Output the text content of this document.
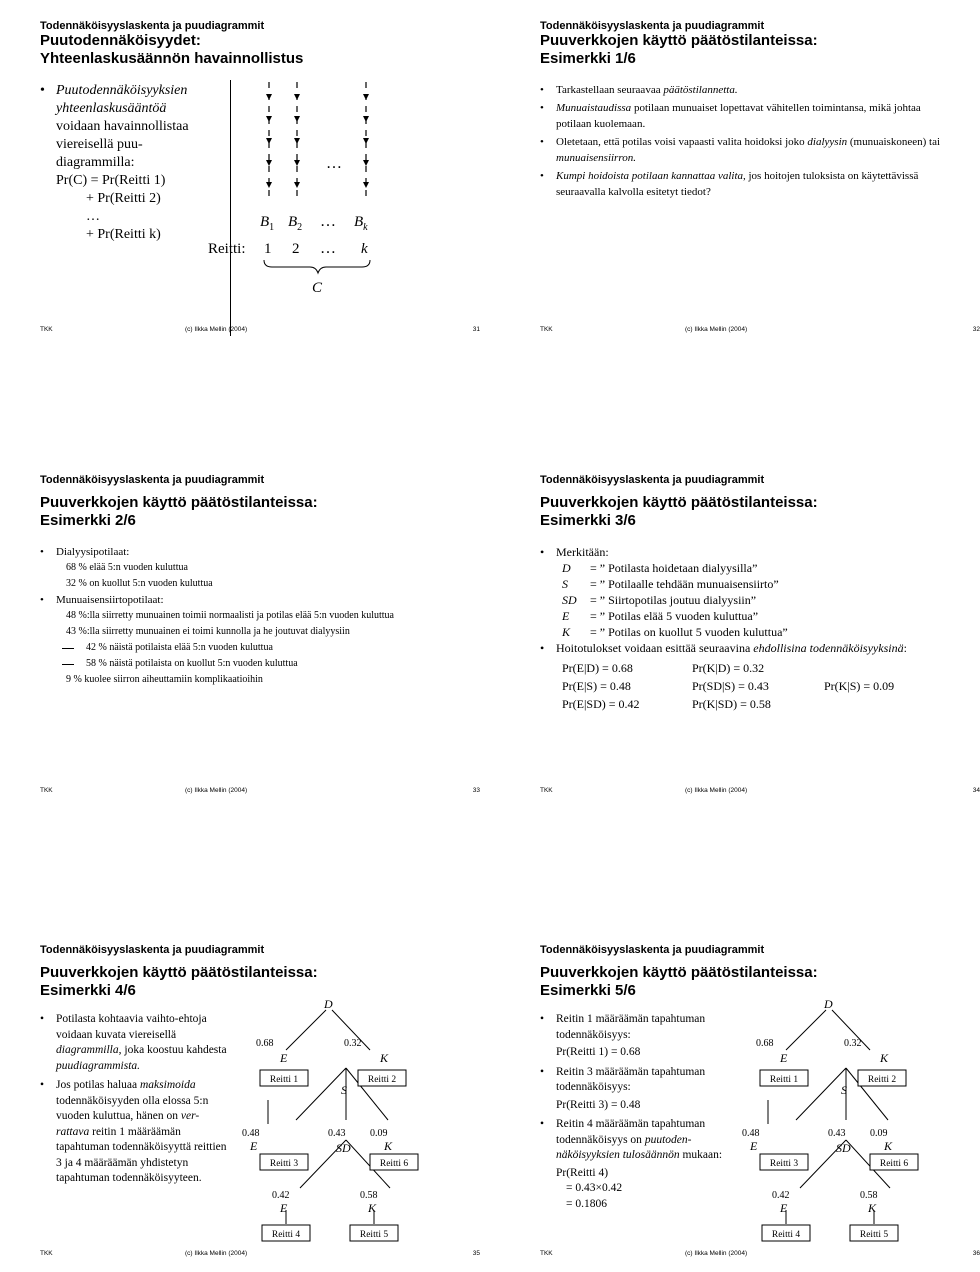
Todennäköisyyslaskenta ja puudiagrammit
Puutodennäköisyydet:
Yhteenlaskusäännön havainnollistus
• Puutodennäköisyyksien
yhteenlaskusääntöä
voidaan havainnollistaa
viereisellä puu-
diagrammilla:
Pr(C) = Pr(Reitti 1)
+ Pr(Reitti 2)
…
+ Pr(Reitti k)
…
$B_1$ $B_2$ … $B_k$
Reitti: 1 2 … k
C
TKK	(c) Ilkka Mellin (2004)	31
Todennäköisyyslaskenta ja puudiagrammit
Puuverkkojen käyttö päätöstilanteissa:
Esimerkki 1/6
• Tarkastellaan seuraavaa päätöstilannetta.
• Munuaistaudissa potilaan munuaiset lopettavat vähitellen toimintansa, mikä johtaa potilaan kuolemaan.
• Oletetaan, että potilas voisi vapaasti valita hoidoksi joko dialyysin (munuaiskoneen) tai munuaisensiirron.
• Kumpi hoidoista potilaan kannattaa valita, jos hoitojen tuloksista on käytettävissä seuraavalla kalvolla esitetyt tiedot?
TKK	(c) Ilkka Mellin (2004)	32
Todennäköisyyslaskenta ja puudiagrammit
Puuverkkojen käyttö päätöstilanteissa:
Esimerkki 2/6
• Dialyysipotilaat:
68 % elää 5:n vuoden kuluttua
32 % on kuollut 5:n vuoden kuluttua
• Munuaisensiirtopotilaat:
48 %:lla siirretty munuainen toimii normaalisti ja potilas elää 5:n vuoden kuluttua
43 %:lla siirretty munuainen ei toimi kunnolla ja he joutuvat dialyysiin
42 % näistä potilaista elää 5:n vuoden kuluttua
58 % näistä potilaista on kuollut 5:n vuoden kuluttua
9 % kuolee siirron aiheuttamiin komplikaatioihin
TKK	(c) Ilkka Mellin (2004)	33
Todennäköisyyslaskenta ja puudiagrammit
Puuverkkojen käyttö päätöstilanteissa:
Esimerkki 3/6
• Merkitään:
D = ” Potilasta hoidetaan dialyysilla”
S = ” Potilaalle tehdään munuaisensiirto”
SD = ” Siirtopotilas joutuu dialyysiin”
E = ” Potilas elää 5 vuoden kuluttua”
K = ” Potilas on kuollut 5 vuoden kuluttua”
• Hoitotulokset voidaan esittää seuraavina ehdollisina todennäköisyyksinä:
Pr(E|D) = 0.68	Pr(K|D) = 0.32
Pr(E|S) = 0.48	Pr(SD|S) = 0.43	Pr(K|S) = 0.09
Pr(E|SD) = 0.42	Pr(K|SD) = 0.58
TKK	(c) Ilkka Mellin (2004)	34
Todennäköisyyslaskenta ja puudiagrammit
Puuverkkojen käyttö päätöstilanteissa:
Esimerkki 4/6
• Potilasta kohtaavia vaihto-ehtoja voidaan kuvata viereisellä diagrammilla, joka koostuu kahdesta puudiagrammista.
• Jos potilas haluaa maksimoida todennäköisyyden olla elossa 5:n vuoden kuluttua, hänen on ver-rattava reitin 1 määräämän tapahtuman todennäköisyyttä reittien 3 ja 4 määräämän yhdistetyn tapahtuman todennäköisyyteen.
Reitti 1	Reitti 2
Reitti 3	Reitti 6
Reitti 4	Reitti 5
D
0.68	0.32
E	K
S
0.48	0.43 0.09
E	SD	K
0.42	0.58
E	K
TKK	(c) Ilkka Mellin (2004)	35
Todennäköisyyslaskenta ja puudiagrammit
Puuverkkojen käyttö päätöstilanteissa:
Esimerkki 5/6
• Reitin 1 määräämän tapahtuman todennäköisyys:
Pr(Reitti 1) = 0.68
• Reitin 3 määräämän tapahtuman todennäköisyys:
Pr(Reitti 3) = 0.48
• Reitin 4 määräämän tapahtuman todennäköisyys on puutoden-näköisyyksien tulosäännön mukaan:
Pr(Reitti 4)
= 0.43×0.42
= 0.1806
Reitti 1	Reitti 2
Reitti 3	Reitti 6
Reitti 4	Reitti 5
D
0.68	0.32
E	K
S
0.48	0.43 0.09
E	SD	K
0.42	0.58
E	K
TKK	(c) Ilkka Mellin (2004)	36
